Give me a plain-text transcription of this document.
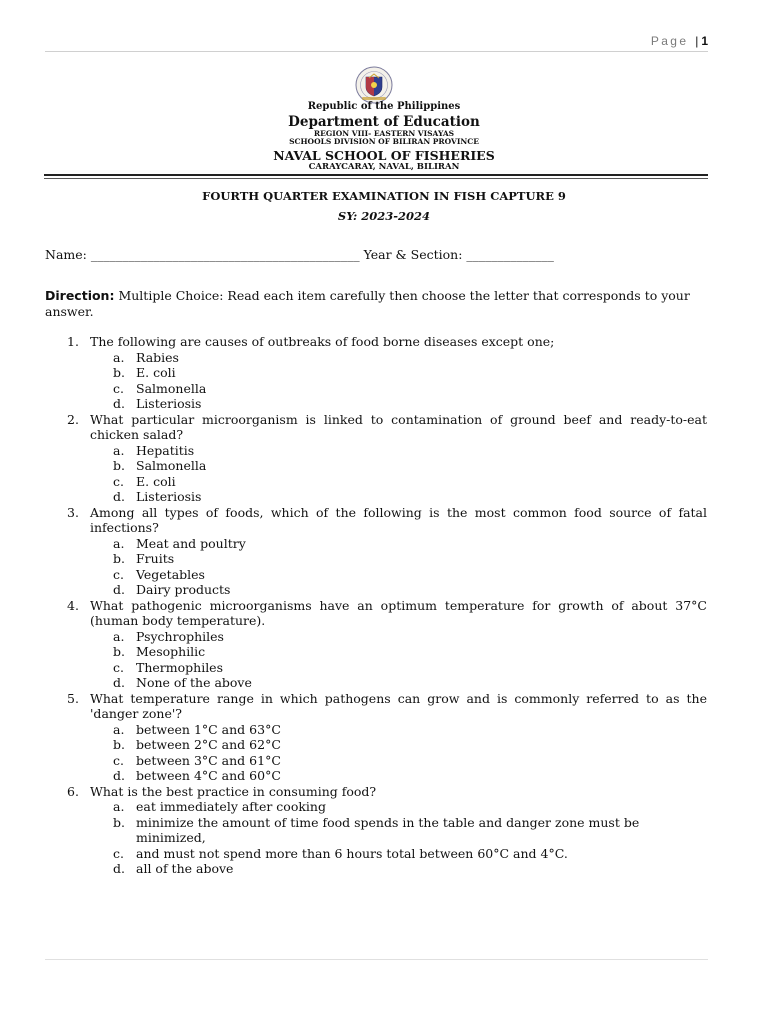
Page | 1
Republic of the Philippines
Department of Education
REGION VIII- EASTERN VISAYAS
SCHOOLS DIVISION OF BILIRAN PROVINCE
NAVAL SCHOOL OF FISHERIES
CARAYCARAY, NAVAL, BILIRAN
FOURTH QUARTER EXAMINATION IN FISH CAPTURE 9
SY: 2023-2024
Name: ___________________________________________ Year & Section: ______________
Direction: Multiple Choice: Read each item carefully then choose the letter that corresponds to your answer.
1. The following are causes of outbreaks of food borne diseases except one;
a. Rabies
b. E. coli
c. Salmonella
d. Listeriosis
2. What particular microorganism is linked to contamination of ground beef and ready-to-eat chicken salad?
a. Hepatitis
b. Salmonella
c. E. coli
d. Listeriosis
3. Among all types of foods, which of the following is the most common food source of fatal infections?
a. Meat and poultry
b. Fruits
c. Vegetables
d. Dairy products
4. What pathogenic microorganisms have an optimum temperature for growth of about 37°C (human body temperature).
a. Psychrophiles
b. Mesophilic
c. Thermophiles
d. None of the above
5. What temperature range in which pathogens can grow and is commonly referred to as the 'danger zone'?
a. between 1°C and 63°C
b. between 2°C and 62°C
c. between 3°C and 61°C
d. between 4°C and 60°C
6. What is the best practice in consuming food?
a. eat immediately after cooking
b. minimize the amount of time food spends in the table and danger zone must be minimized,
c. and must not spend more than 6 hours total between 60°C and 4°C.
d. all of the above
